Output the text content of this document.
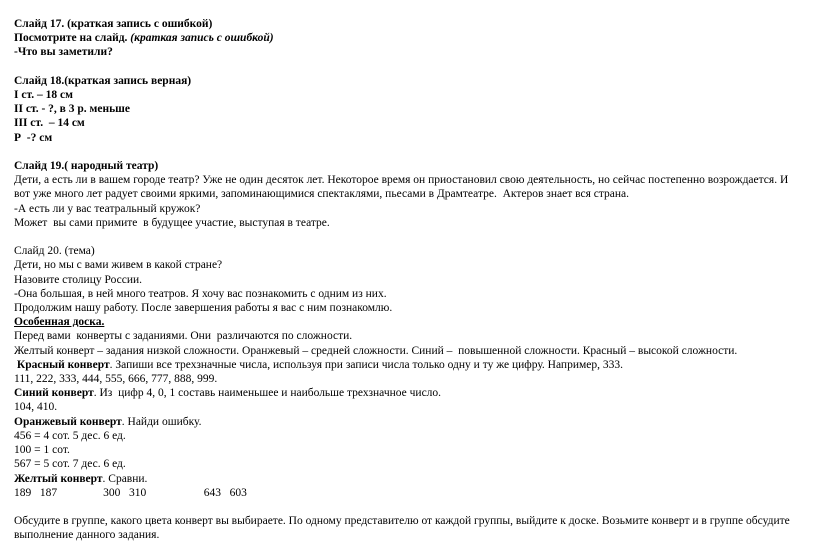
Слайд 17. (краткая запись с ошибкой)

Посмотрите на слайд. (краткая запись с ошибкой)

-Что вы заметили?

Слайд 18.(краткая запись верная)

I ст. – 18 см

II ст. - ?, в 3 р. меньше

III ст.  – 14 см

Р  -? см

Слайд 19.( народный театр)

Дети, а есть ли в вашем городе театр? Уже не один десяток лет. Некоторое время он приостановил свою деятельность, но сейчас постепенно возрождается. И вот уже много лет радует своими яркими, запоминающимися спектаклями, пьесами в Драмтеатре.  Актеров знает вся страна.

-А есть ли у вас театральный кружок?

Может  вы сами примите  в будущее участие, выступая в театре.

Слайд 20. (тема)

Дети, но мы с вами живем в какой стране?

Назовите столицу России.

-Она большая, в ней много театров. Я хочу вас познакомить с одним из них.

Продолжим нашу работу. После завершения работы я вас с ним познакомлю.

Особенная доска.

Перед вами  конверты с заданиями. Они  различаются по сложности.

Желтый конверт – задания низкой сложности. Оранжевый – средней сложности. Синий –  повышенной сложности. Красный – высокой сложности.

Красный конверт. Запиши все трехзначные числа, используя при записи числа только одну и ту же цифру. Например, 333.

111, 222, 333, 444, 555, 666, 777, 888, 999.

Синий конверт. Из  цифр 4, 0, 1 составь наименьшее и наибольше трехзначное число.

104, 410.

Оранжевый конверт. Найди ошибку.

456 = 4 сот. 5 дес. 6 ед.

100 = 1 сот.

567 = 5 сот. 7 дес. 6 ед.

Желтый конверт. Сравни.

189   187                300   310                    643   603

Обсудите в группе, какого цвета конверт вы выбираете. По одному представителю от каждой группы, выйдите к доске. Возьмите конверт и в группе обсудите выполнение данного задания.
